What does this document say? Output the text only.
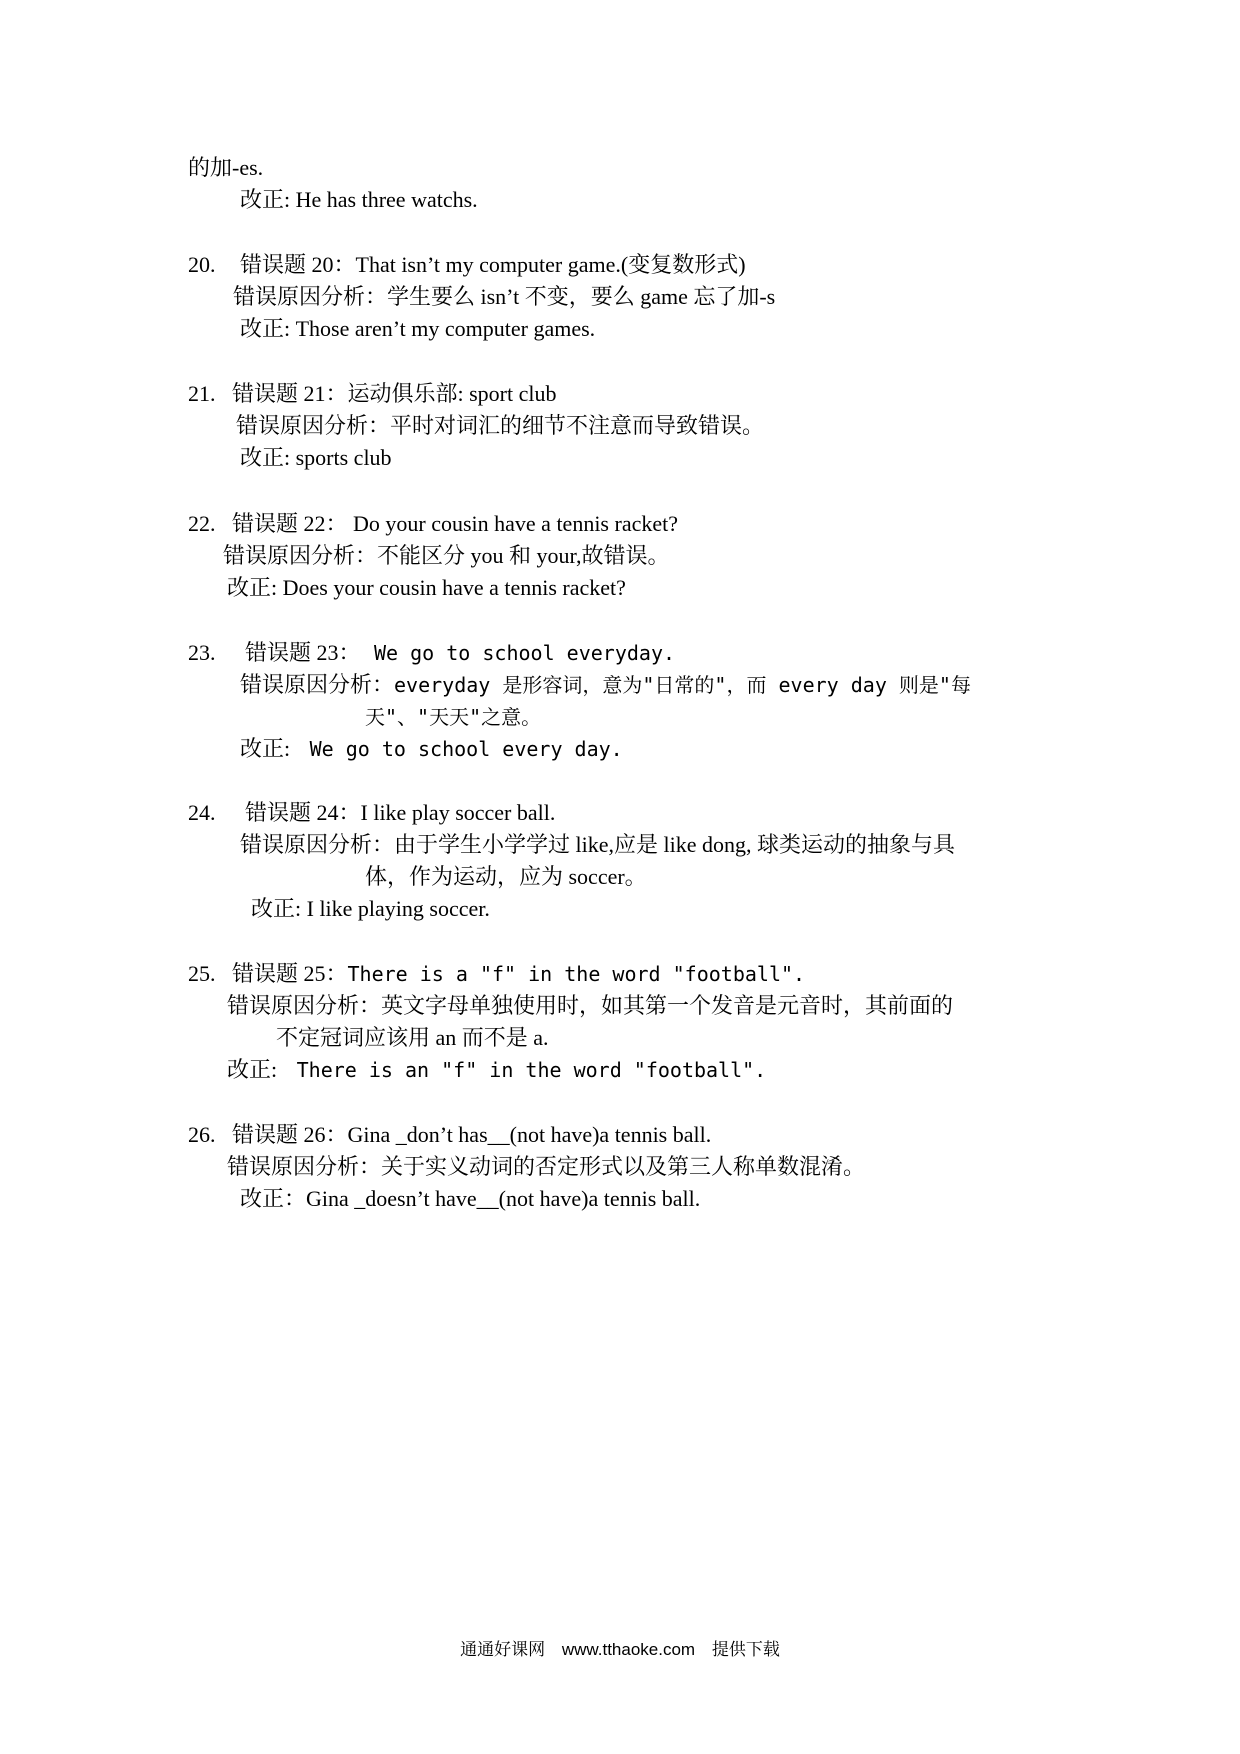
的加-es.
改正: He has three watchs.
20. 错误题 20：That isn’t my computer game.(变复数形式)
错误原因分析：学生要么 isn’t 不变，要么 game 忘了加-s
改正: Those aren’t my computer games.
21. 错误题 21：运动俱乐部: sport club
错误原因分析：平时对词汇的细节不注意而导致错误。
改正: sports club
22. 错误题 22： Do your cousin have a tennis racket?
错误原因分析：不能区分 you 和 your,故错误。
改正: Does your cousin have a tennis racket?
23. 错误题 23： We go to school everyday.
错误原因分析：everyday 是形容词，意为"日常的"，而 every day 则是"每
天"、"天天"之意。
改正: We go to school every day.
24. 错误题 24：I like play soccer ball.
错误原因分析：由于学生小学学过 like,应是 like dong, 球类运动的抽象与具
体，作为运动，应为 soccer。
改正: I like playing soccer.
25. 错误题 25：There is a "f" in the word "football".
错误原因分析：英文字母单独使用时，如其第一个发音是元音时，其前面的
不定冠词应该用 an 而不是 a.
改正: There is an "f" in the word "football".
26. 错误题 26：Gina _don’t has__(not have)a tennis ball.
错误原因分析：关于实义动词的否定形式以及第三人称单数混淆。
改正：Gina _doesn’t have__(not have)a tennis ball.
通通好课网 www.tthaoke.com 提供下载
